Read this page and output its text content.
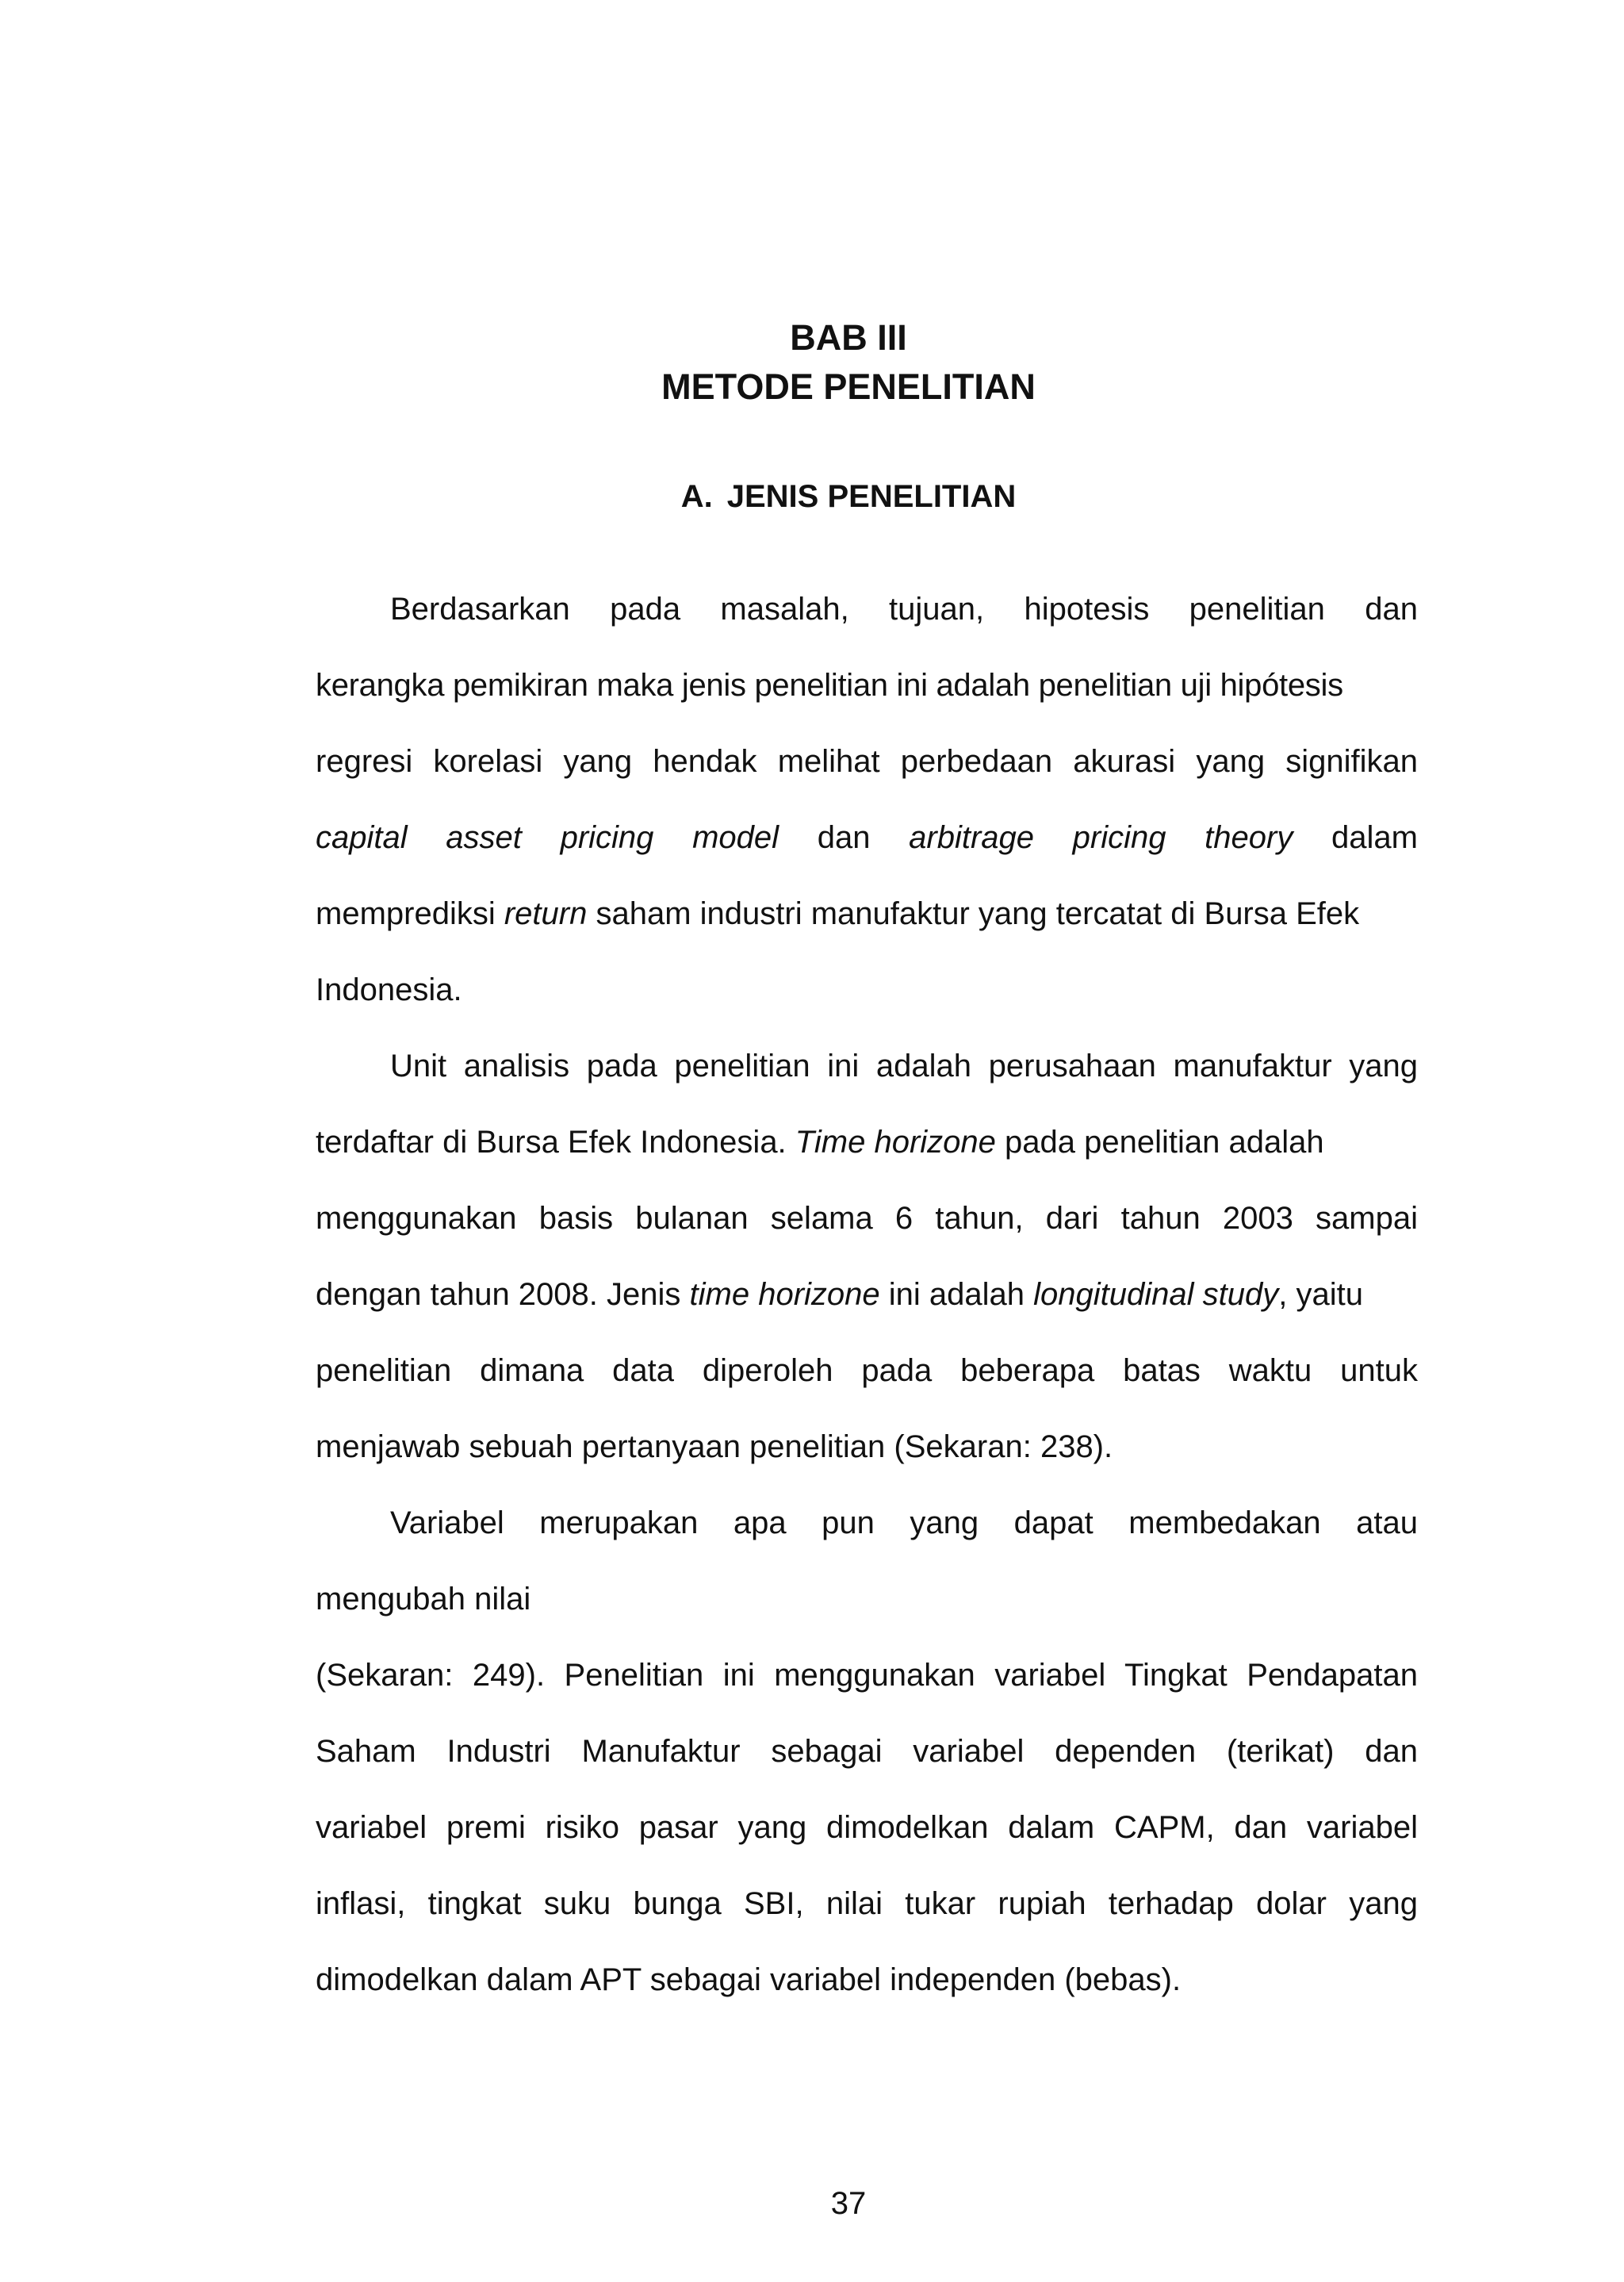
BAB III
METODE PENELITIAN
A. JENIS PENELITIAN
Berdasarkan pada masalah, tujuan, hipotesis penelitian dan
kerangka pemikiran maka jenis penelitian ini adalah penelitian uji hipótesis
regresi korelasi yang hendak melihat perbedaan akurasi yang signifikan
capital asset pricing model dan arbitrage pricing theory dalam
memprediksi return saham industri manufaktur yang tercatat di Bursa Efek
Indonesia.
Unit analisis pada penelitian ini adalah perusahaan manufaktur yang
terdaftar di Bursa Efek Indonesia. Time horizone pada penelitian adalah
menggunakan basis bulanan selama 6 tahun, dari tahun 2003 sampai
dengan tahun 2008. Jenis time horizone ini adalah longitudinal study, yaitu
penelitian dimana data diperoleh pada beberapa batas waktu untuk
menjawab sebuah pertanyaan penelitian (Sekaran: 238).
Variabel merupakan apa pun yang dapat membedakan atau
mengubah nilai
(Sekaran: 249). Penelitian ini menggunakan variabel Tingkat Pendapatan
Saham Industri Manufaktur sebagai variabel dependen (terikat) dan
variabel premi risiko pasar yang dimodelkan dalam CAPM, dan variabel
inflasi, tingkat suku bunga SBI, nilai tukar rupiah terhadap dolar yang
dimodelkan dalam APT sebagai variabel independen (bebas).
37
